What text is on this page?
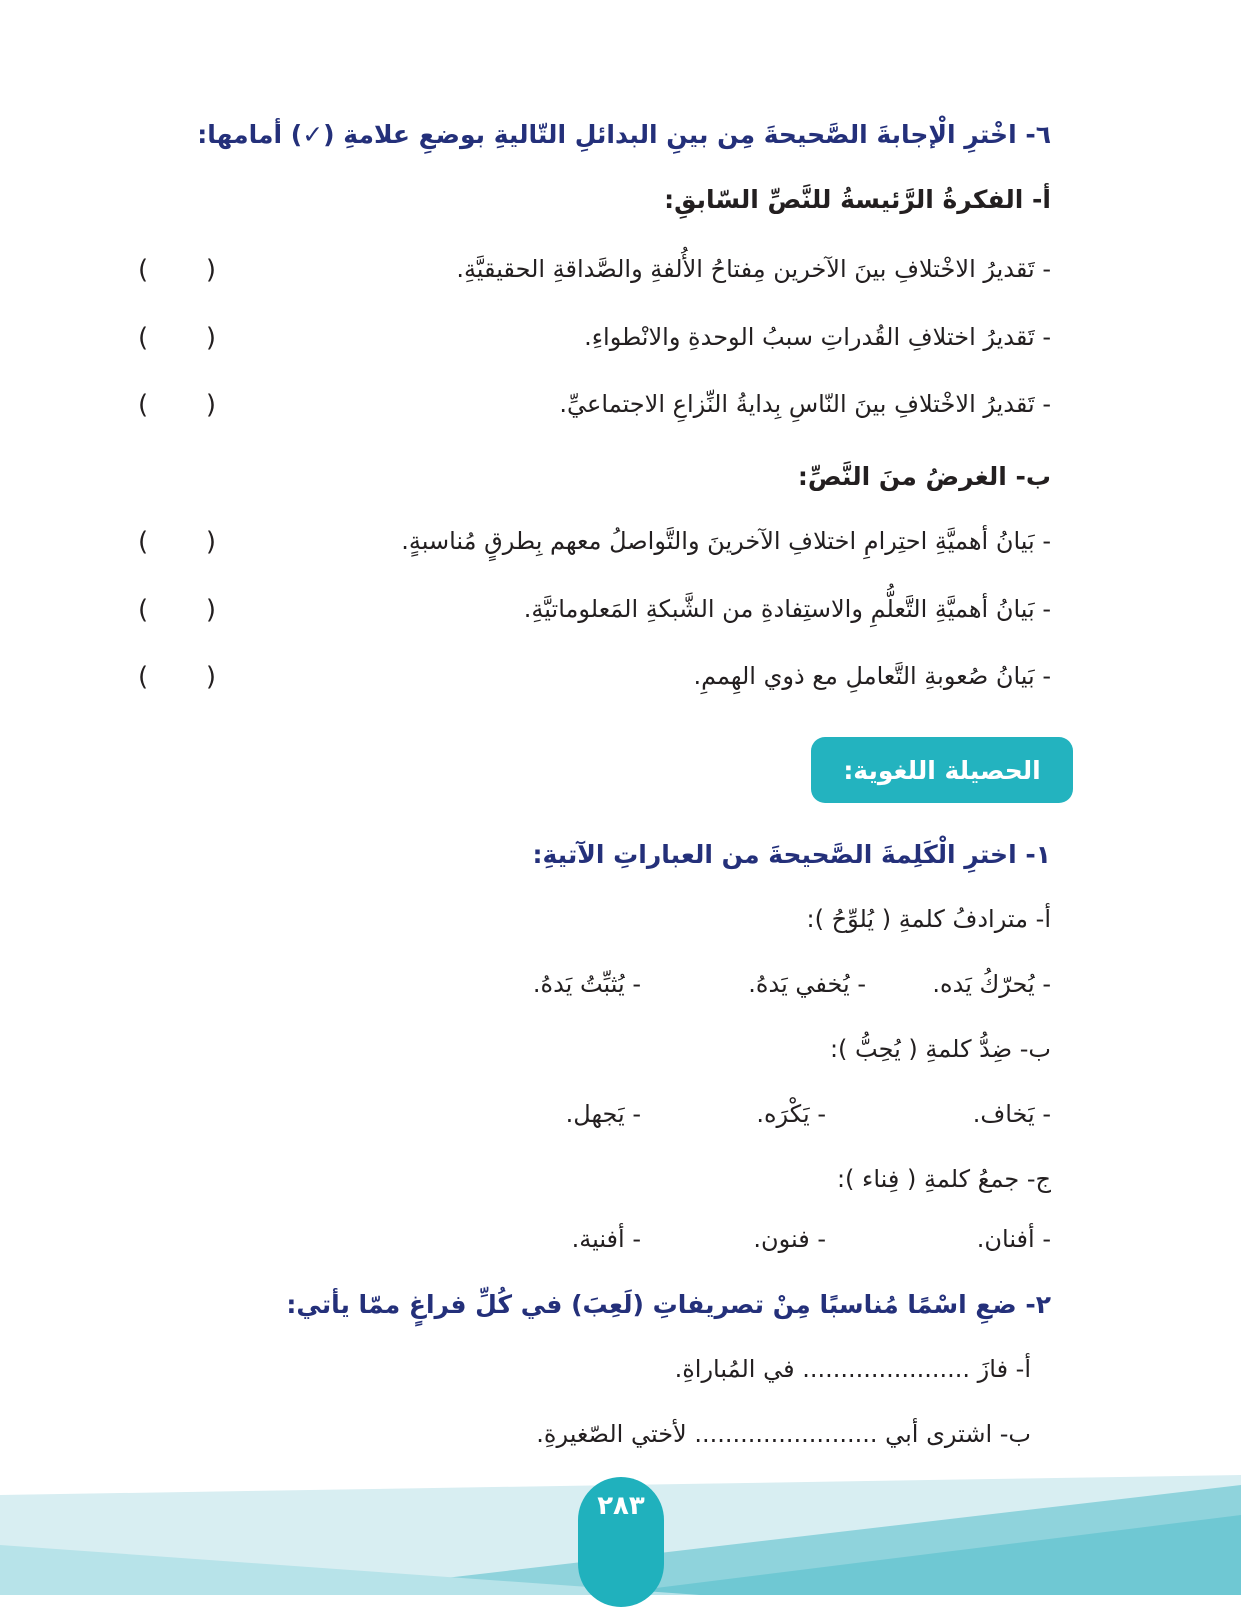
٦- اخْترِ الْإجابةَ الصَّحيحةَ مِن بينِ البدائلِ التّاليةِ بوضعِ علامةِ (✓) أمامها:
أ- الفكرةُ الرَّئيسةُ للنَّصِّ السّابقِ:
- تَقديرُ الاخْتلافِ بينَ الآخرين مِفتاحُ الأُلفةِ والصَّداقةِ الحقيقيَّةِ.
(
)
- تَقديرُ اختلافِ القُدراتِ سببُ الوحدةِ والانْطواءِ.
(
)
- تَقديرُ الاخْتلافِ بينَ النّاسِ بِدايةُ النِّزاعِ الاجتماعيِّ.
(
)
ب- الغرضُ منَ النَّصِّ:
- بَيانُ أهميَّةِ احتِرامِ اختلافِ الآخرينَ والتَّواصلُ معهم بِطرقٍ مُناسبةٍ.
(
)
- بَيانُ أهميَّةِ التَّعلُّمِ والاستِفادةِ من الشَّبكةِ المَعلوماتيَّةِ.
(
)
- بَيانُ صُعوبةِ التَّعاملِ مع ذوي الهِممِ.
(
)
الحصيلة اللغوية:
١- اخترِ الْكَلِمةَ الصَّحيحةَ من العباراتِ الآتيةِ:
أ- مترادفُ كلمةِ ( يُلوِّحُ ):
- يُحرّكُ يَده.
- يُخفي يَدهُ.
- يُثبِّتُ يَدهُ.
ب- ضِدُّ كلمةِ ( يُحِبُّ ):
- يَخاف.
- يَكْرَه.
- يَجهل.
ج- جمعُ كلمةِ ( فِناء ):
- أفنان.
- فنون.
- أفنية.
٢- ضعِ اسْمًا مُناسبًا مِنْ تصريفاتِ (لَعِبَ) في كُلِّ فراغٍ ممّا يأتي:
أ- فازَ ...................... في المُباراةِ.
ب- اشترى أبي ........................ لأختي الصّغيرةِ.
٢٨٣
